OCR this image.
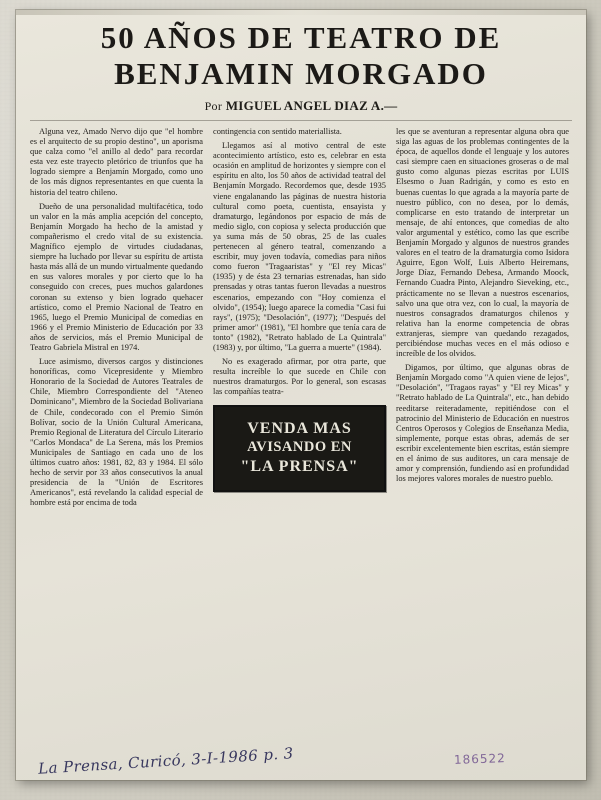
50 AÑOS DE TEATRO DE
BENJAMIN MORGADO
Por MIGUEL ANGEL DIAZ A.—

Alguna vez, Amado Nervo dijo que "el hombre es el arquitecto de su propio destino", un aporisma que calza como "el anillo al dedo" para recordar esta vez este trayecto pletórico de triunfos que ha logrado siempre a Benjamín Morgado, como uno de los más dignos representantes en que cuenta la historia del teatro chileno.

Dueño de una personalidad multifacética, todo un valor en la más amplia acepción del concepto, Benjamín Morgado ha hecho de la amistad y compañerismo el credo vital de su existencia. Magnífico ejemplo de virtudes ciudadanas, siempre ha luchado por llevar su espíritu de artista hasta más allá de un mundo virtualmente quedando en sus valores morales y por cierto que lo ha conseguido con creces, pues muchos galardones coronan su extenso y bien logrado quehacer artístico, como el Premio Nacional de Teatro en 1965, luego el Premio Municipal de comedias en 1966 y el Premio Ministerio de Educación por 33 años de servicios, más el Premio Municipal de Teatro Gabriela Mistral en 1974.

Luce asimismo, diversos cargos y distinciones honoríficas, como Vicepresidente y Miembro Honorario de la Sociedad de Autores Teatrales de Chile, Miembro Correspondiente del "Ateneo Dominicano", Miembro de la Sociedad Bolivariana de Chile, condecorado con el Premio Simón Bolívar, socio de la Unión Cultural Americana, Premio Regional de Literatura del Círculo Literario "Carlos Mondaca" de La Serena, más los Premios Municipales de Santiago en cada uno de los últimos cuatro años: 1981, 82, 83 y 1984. El sólo hecho de servir por 33 años consecutivos la anual presidencia de la "Unión de Escritores Americanos", está revelando la calidad especial de hombre está por encima de toda

contingencia con sentido materiallista.

Llegamos así al motivo central de este acontecimiento artístico, esto es, celebrar en esta ocasión en amplitud de horizontes y siempre con el espíritu en alto, los 50 años de actividad teatral del Benjamín Morgado. Recordemos que, desde 1935 viene engalanando las páginas de nuestra historia cultural como poeta, cuentista, ensayista y dramaturgo, legándonos por espacio de más de medio siglo, con copiosa y selecta producción que ya suma más de 50 obras, 25 de las cuales pertenecen al género teatral, comenzando a escribir, muy joven todavía, comedias para niños como fueron "Tragaaristas" y "El rey Micas" (1935) y de ésta 23 ternarias estrenadas, han sido prensadas y otras tantas fueron llevadas a nuestros escenarios, empezando con "Hoy comienza el olvido", (1954); luego aparece la comedia "Casi fui rays", (1975); "Desolación", (1977); "Después del primer amor" (1981), "El hombre que tenía cara de tonto" (1982), "Retrato hablado de La Quintrala" (1983) y, por último, "La guerra a muerte" (1984).

No es exagerado afirmar, por otra parte, que resulta increíble lo que sucede en Chile con nuestros dramaturgos. Por lo general, son escasas las compañías teatra-

VENDA MAS
AVISANDO EN
"LA PRENSA"

les que se aventuran a representar alguna obra que siga las aguas de los problemas contingentes de la época, de aquellos donde el lenguaje y los autores casi siempre caen en situaciones groseras o de mal gusto como algunas piezas escritas por LUIS Elsesmo o Juan Radrigán, y como es esto en buenas cuentas lo que agrada a la mayoría parte de nuestro público, con no desea, por lo demás, complicarse en esto tratando de interpretar un mensaje, de ahí entonces, que comedias de alto valor argumental y estético, como las que escribe Benjamín Morgado y algunos de nuestros grandes valores en el teatro de la dramaturgia como Isidora Aguirre, Egon Wolf, Luis Alberto Heiremans, Jorge Díaz, Fernando Debesa, Armando Moock, Fernando Cuadra Pinto, Alejandro Sieveking, etc., prácticamente no se llevan a nuestros escenarios, salvo una que otra vez, con lo cual, la mayoría de nuestros consagrados dramaturgos chilenos y relativa han la enorme competencia de obras extranjeras, siempre van quedando rezagados, percibiéndose muchas veces en el más odioso e increíble de los olvidos.

Digamos, por último, que algunas obras de Benjamín Morgado como "A quien viene de lejos", "Desolación", "Tragaos rayas" y "El rey Micas" y "Retrato hablado de La Quintrala", etc., han debido reeditarse reiteradamente, repitiéndose con el patrocinio del Ministerio de Educación en nuestros Centros Operosos y Colegios de Enseñanza Media, simplemente, porque estas obras, además de ser escribir excelentemente bien escritas, están siempre en el ánimo de sus auditores, un cara mensaje de amor y comprensión, fundiendo así en profundidad los mejores valores morales de nuestro pueblo.

La Prensa, Curicó, 3-I-1986 p. 3	186522
